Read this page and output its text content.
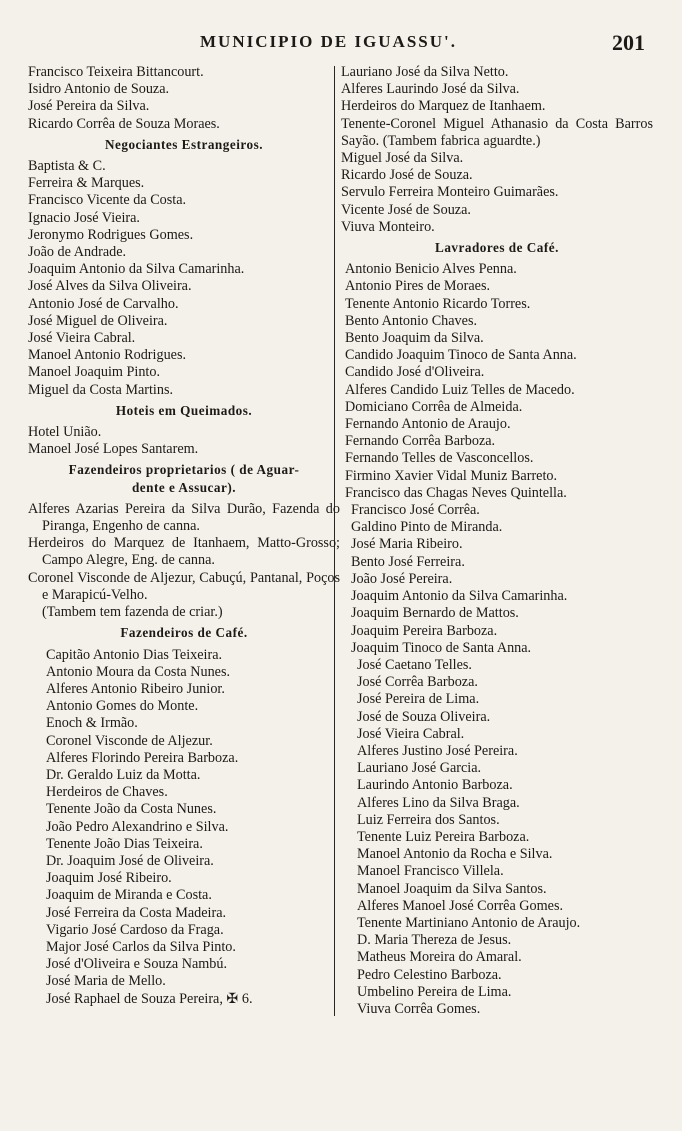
MUNICIPIO DE IGUASSU'.	201
Francisco Teixeira Bittancourt.
Isidro Antonio de Souza.
José Pereira da Silva.
Ricardo Corrêa de Souza Moraes.
Negociantes Estrangeiros.
Baptista & C.
Ferreira & Marques.
Francisco Vicente da Costa.
Ignacio José Vieira.
Jeronymo Rodrigues Gomes.
João de Andrade.
Joaquim Antonio da Silva Camarinha.
José Alves da Silva Oliveira.
Antonio José de Carvalho.
José Miguel de Oliveira.
José Vieira Cabral.
Manoel Antonio Rodrigues.
Manoel Joaquim Pinto.
Miguel da Costa Martins.
Hoteis em Queimados.
Hotel União.
Manoel José Lopes Santarem.
Fazendeiros proprietarios ( de Aguar-
dente e Assucar).
Alferes Azarias Pereira da Silva Durão, Fazenda do Piranga, Engenho de canna.
Herdeiros do Marquez de Itanhaem, Matto-Grosso; Campo Alegre, Eng. de canna.
Coronel Visconde de Aljezur, Cabuçú, Pantanal, Poços e Marapicú-Velho.
(Tambem tem fazenda de criar.)
Fazendeiros de Café.
Capitão Antonio Dias Teixeira.
Antonio Moura da Costa Nunes.
Alferes Antonio Ribeiro Junior.
Antonio Gomes do Monte.
Enoch & Irmão.
Coronel Visconde de Aljezur.
Alferes Florindo Pereira Barboza.
Dr. Geraldo Luiz da Motta.
Herdeiros de Chaves.
Tenente João da Costa Nunes.
João Pedro Alexandrino e Silva.
Tenente João Dias Teixeira.
Dr. Joaquim José de Oliveira.
Joaquim José Ribeiro.
Joaquim de Miranda e Costa.
José Ferreira da Costa Madeira.
Vigario José Cardoso da Fraga.
Major José Carlos da Silva Pinto.
José d'Oliveira e Souza Nambú.
José Maria de Mello.
José Raphael de Souza Pereira, ✠ 6.
Lauriano José da Silva Netto.
Alferes Laurindo José da Silva.
Herdeiros do Marquez de Itanhaem.
Tenente-Coronel Miguel Athanasio da Costa Barros Sayão. (Tambem fabrica aguardte.)
Miguel José da Silva.
Ricardo José de Souza.
Servulo Ferreira Monteiro Guimarães.
Vicente José de Souza.
Viuva Monteiro.
Lavradores de Café.
Antonio Benicio Alves Penna.
Antonio Pires de Moraes.
Tenente Antonio Ricardo Torres.
Bento Antonio Chaves.
Bento Joaquim da Silva.
Candido Joaquim Tinoco de Santa Anna.
Candido José d'Oliveira.
Alferes Candido Luiz Telles de Macedo.
Domiciano Corrêa de Almeida.
Fernando Antonio de Araujo.
Fernando Corrêa Barboza.
Fernando Telles de Vasconcellos.
Firmino Xavier Vidal Muniz Barreto.
Francisco das Chagas Neves Quintella.
Francisco José Corrêa.
Galdino Pinto de Miranda.
José Maria Ribeiro.
Bento José Ferreira.
João José Pereira.
Joaquim Antonio da Silva Camarinha.
Joaquim Bernardo de Mattos.
Joaquim Pereira Barboza.
Joaquim Tinoco de Santa Anna.
José Caetano Telles.
José Corrêa Barboza.
José Pereira de Lima.
José de Souza Oliveira.
José Vieira Cabral.
Alferes Justino José Pereira.
Lauriano José Garcia.
Laurindo Antonio Barboza.
Alferes Lino da Silva Braga.
Luiz Ferreira dos Santos.
Tenente Luiz Pereira Barboza.
Manoel Antonio da Rocha e Silva.
Manoel Francisco Villela.
Manoel Joaquim da Silva Santos.
Alferes Manoel José Corrêa Gomes.
Tenente Martiniano Antonio de Araujo.
D. Maria Thereza de Jesus.
Matheus Moreira do Amaral.
Pedro Celestino Barboza.
Umbelino Pereira de Lima.
Viuva Corrêa Gomes.
